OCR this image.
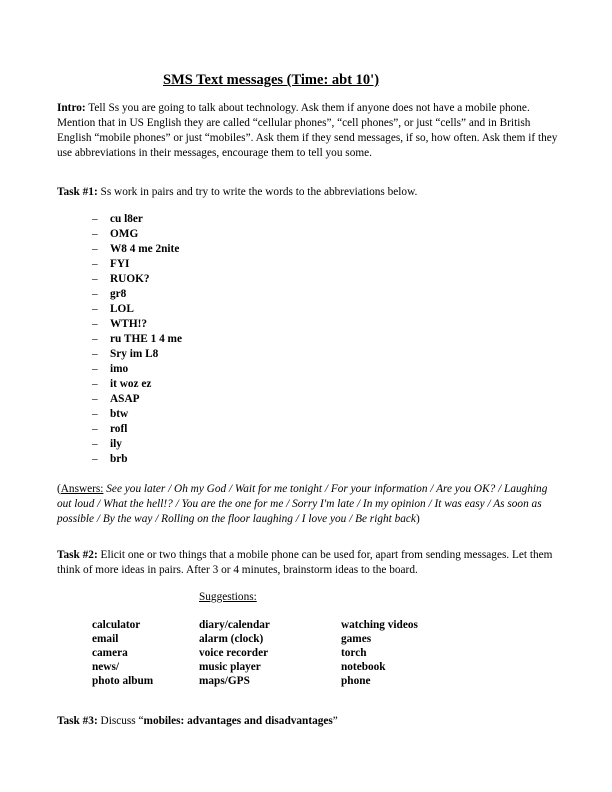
SMS Text messages (Time: abt 10')
Intro: Tell Ss you are going to talk about technology. Ask them if anyone does not have a mobile phone. Mention that in US English they are called “cellular phones”, “cell phones”, or just “cells” and in British English “mobile phones” or just “mobiles”. Ask them if they send messages, if so, how often. Ask them if they use abbreviations in their messages, encourage them to tell you some.
Task #1: Ss work in pairs and try to write the words to the abbreviations below.
– cu l8er
– OMG
– W8 4 me 2nite
– FYI
– RUOK?
– gr8
– LOL
– WTH!?
– ru THE 1 4 me
– Sry im L8
– imo
– it woz ez
– ASAP
– btw
– rofl
– ily
– brb
(Answers: See you later / Oh my God / Wait for me tonight / For your information / Are you OK? / Laughing out loud / What the hell!? / You are the one for me / Sorry I'm late / In my opinion / It was easy / As soon as possible / By the way / Rolling on the floor laughing / I love you / Be right back)
Task #2: Elicit one or two things that a mobile phone can be used for, apart from sending messages. Let them think of more ideas in pairs. After 3 or 4 minutes, brainstorm ideas to the board.
Suggestions:
calculator
email
camera
news/
photo album
diary/calendar
alarm (clock)
voice recorder
music player
maps/GPS
watching videos
games
torch
notebook
phone
Task #3: Discuss “mobiles: advantages and disadvantages”
